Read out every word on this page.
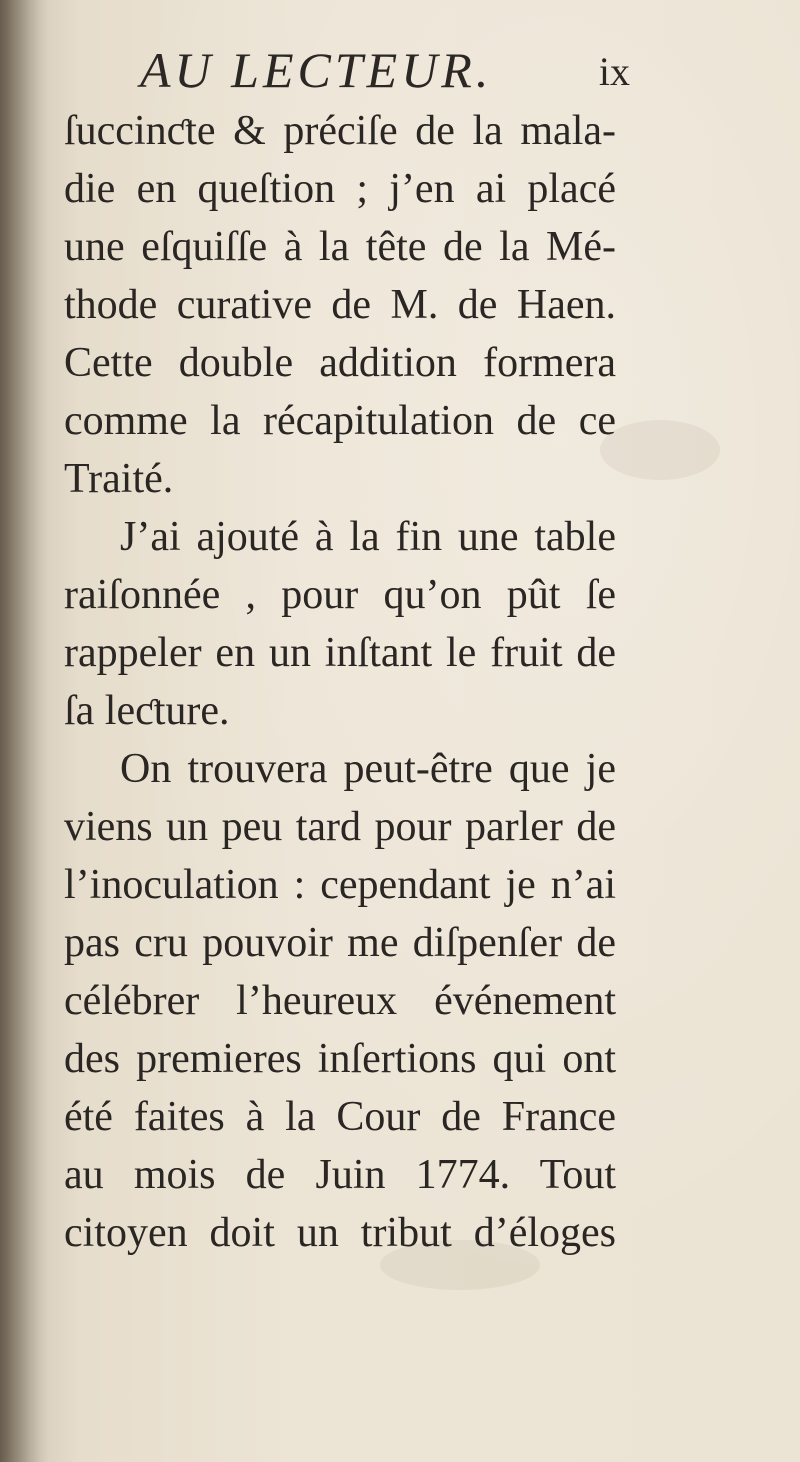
AU LECTEUR.	ix
ſuccinƈte & préciſe de la mala-
die en queſtion ; j’en ai placé
une eſquiſſe à la tête de la Mé-
thode curative de M. de Haen.
Cette double addition formera
comme la récapitulation de ce
Traité.
J’ai ajouté à la fin une table
raiſonnée , pour qu’on pût ſe
rappeler en un inſtant le fruit de
ſa leƈture.
On trouvera peut-être que je
viens un peu tard pour parler de
l’inoculation : cependant je n’ai
pas cru pouvoir me diſpenſer de
célébrer l’heureux événement
des premieres inſertions qui ont
été faites à la Cour de France
au mois de Juin 1774. Tout
citoyen doit un tribut d’éloges
